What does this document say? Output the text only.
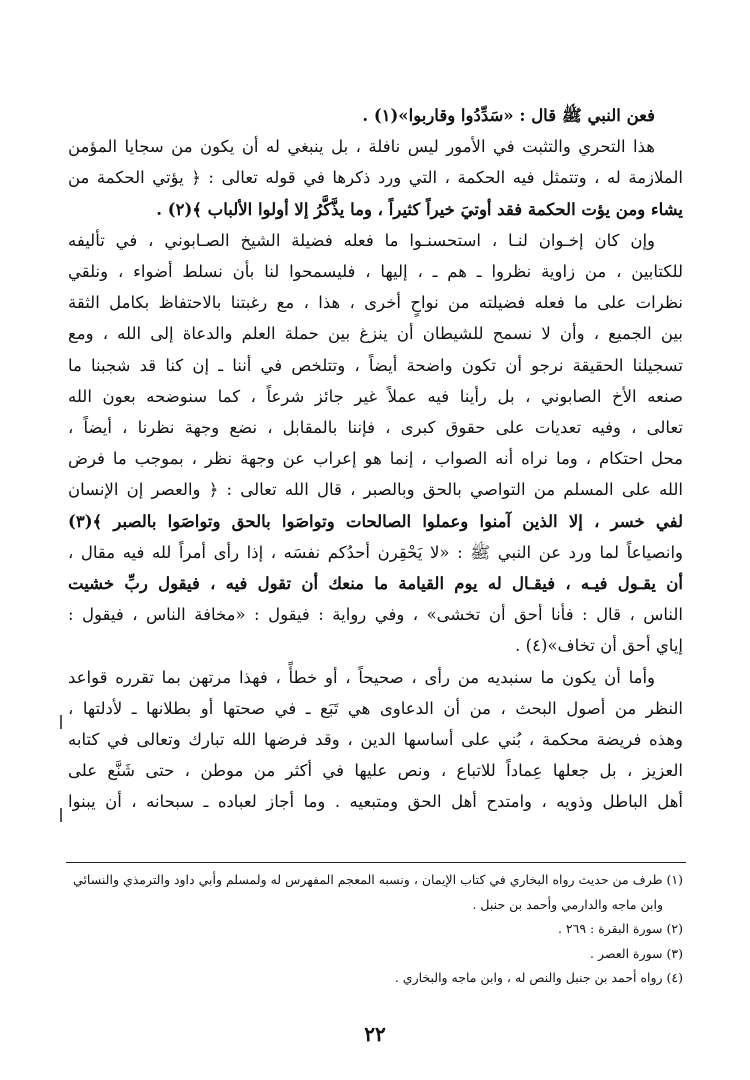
فعن النبي ﷺ قال : «سَدِّدُوا وقاربوا»(١) .
هذا التحري والتثبت في الأمور ليس نافلة ، بل ينبغي له أن يكون من سجايا المؤمن
الملازمة له ، وتتمثل فيه الحكمة ، التي ورد ذكرها في قوله تعالى : ﴿ يؤتي الحكمة من
يشاء ومن يؤت الحكمة فقد أوتيَ خيراً كثيراً ، وما يذَّكَّرُ إلا أولوا الألباب ﴾(٢) .
وإن كان إخـوان لنـا ، استحسنـوا ما فعله فضيلة الشيخ الصـابوني ، في تأليفه
للكتابين ، من زاوية نظروا ـ هم ـ ، إليها ، فليسمحوا لنا بأن نسلط أضواء ، ونلقي
نظرات على ما فعله فضيلته من نواحٍ أخرى ، هذا ، مع رغبتنا بالاحتفاظ بكامل الثقة
بين الجميع ، وأن لا نسمح للشيطان أن ينزغ بين حملة العلم والدعاة إلى الله ، ومع
تسجيلنا الحقيقة نرجو أن تكون واضحة أيضاً ، وتتلخص في أننا ـ إن كنا قد شجبنا ما
صنعه الأخ الصابوني ، بل رأينا فيه عملاً غير جائز شرعاً ، كما سنوضحه بعون الله
تعالى ، وفيه تعديات على حقوق كبرى ، فإننا بالمقابل ، نضع وجهة نظرنا ، أيضاً ،
محل احتكام ، وما نراه أنه الصواب ، إنما هو إعراب عن وجهة نظر ، بموجب ما فرض
الله على المسلم من التواصي بالحق وبالصبر ، قال الله تعالى : ﴿ والعصر إن الإنسان
لفي خسر ، إلا الذين آمنوا وعملوا الصالحات وتواصَوا بالحق وتواصَوا بالصبر ﴾(٣)
وانصياعاً لما ورد عن النبي ﷺ : «لا يَحْقِرن أحدُكم نفسَه ، إذا رأى أمراً لله فيه مقال ،
أن يقـول فيـه ، فيقـال له يوم القيامة ما منعك أن تقول فيه ، فيقول ربِّ خشيت
الناس ، قال : فأنا أحق أن تخشى» ، وفي رواية : فيقول : «مخافة الناس ، فيقول :
إياي أحق أن تخاف»(٤) .
وأما أن يكون ما سنبديه من رأى ، صحيحاً ، أو خطأً ، فهذا مرتهن بما تقرره قواعد
النظر من أصول البحث ، من أن الدعاوى هي تَبَع ـ في صحتها أو بطلانها ـ لأدلتها ،
وهذه فريضة محكمة ، بُني على أساسها الدين ، وقد فرضها الله تبارك وتعالى في كتابه
العزيز ، بل جعلها عِماداً للاتباع ، ونص عليها في أكثر من موطن ، حتى شَنَّع على
أهل الباطل وذويه ، وامتدح أهل الحق ومتبعيه . وما أجاز لعباده ـ سبحانه ، أن يبنوا
(١) طرف من حديث رواه البخاري في كتاب الإيمان ، ونسبه المعجم المفهرس له ولمسلم وأبي داود والترمذي والنسائي
وابن ماجه والدارمي وأحمد بن حنبل .
(٢) سورة البقرة : ٢٦٩ .
(٣) سورة العصر .
(٤) رواه أحمد بن جنبل والنص له ، وابن ماجه والبخاري .
٢٢
